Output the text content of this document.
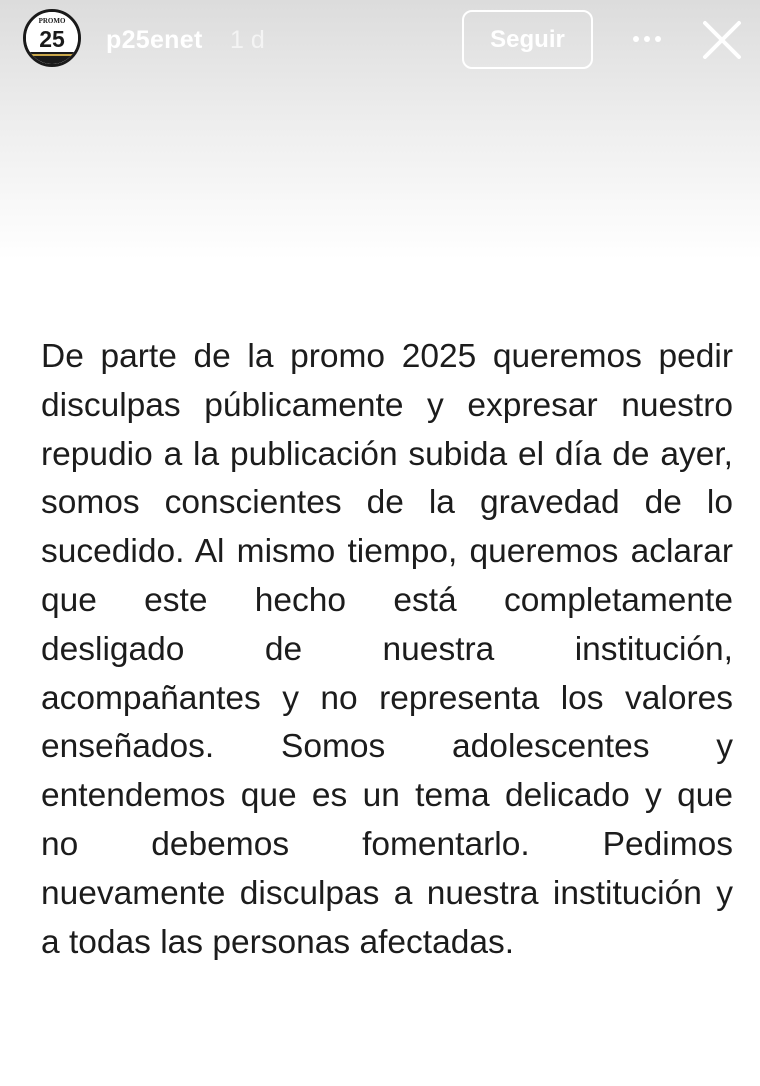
PROMO
25 p25enet 1 d	Seguir

De parte de la promo 2025 queremos pedir disculpas públicamente y expresar nuestro repudio a la publicación subida el día de ayer, somos conscientes de la gravedad de lo sucedido. Al mismo tiempo, queremos aclarar que este hecho está completamente desligado de nuestra institución, acompañantes y no representa los valores enseñados. Somos adolescentes y entendemos que es un tema delicado y que no debemos fomentarlo. Pedimos nuevamente disculpas a nuestra institución y a todas las personas afectadas.
